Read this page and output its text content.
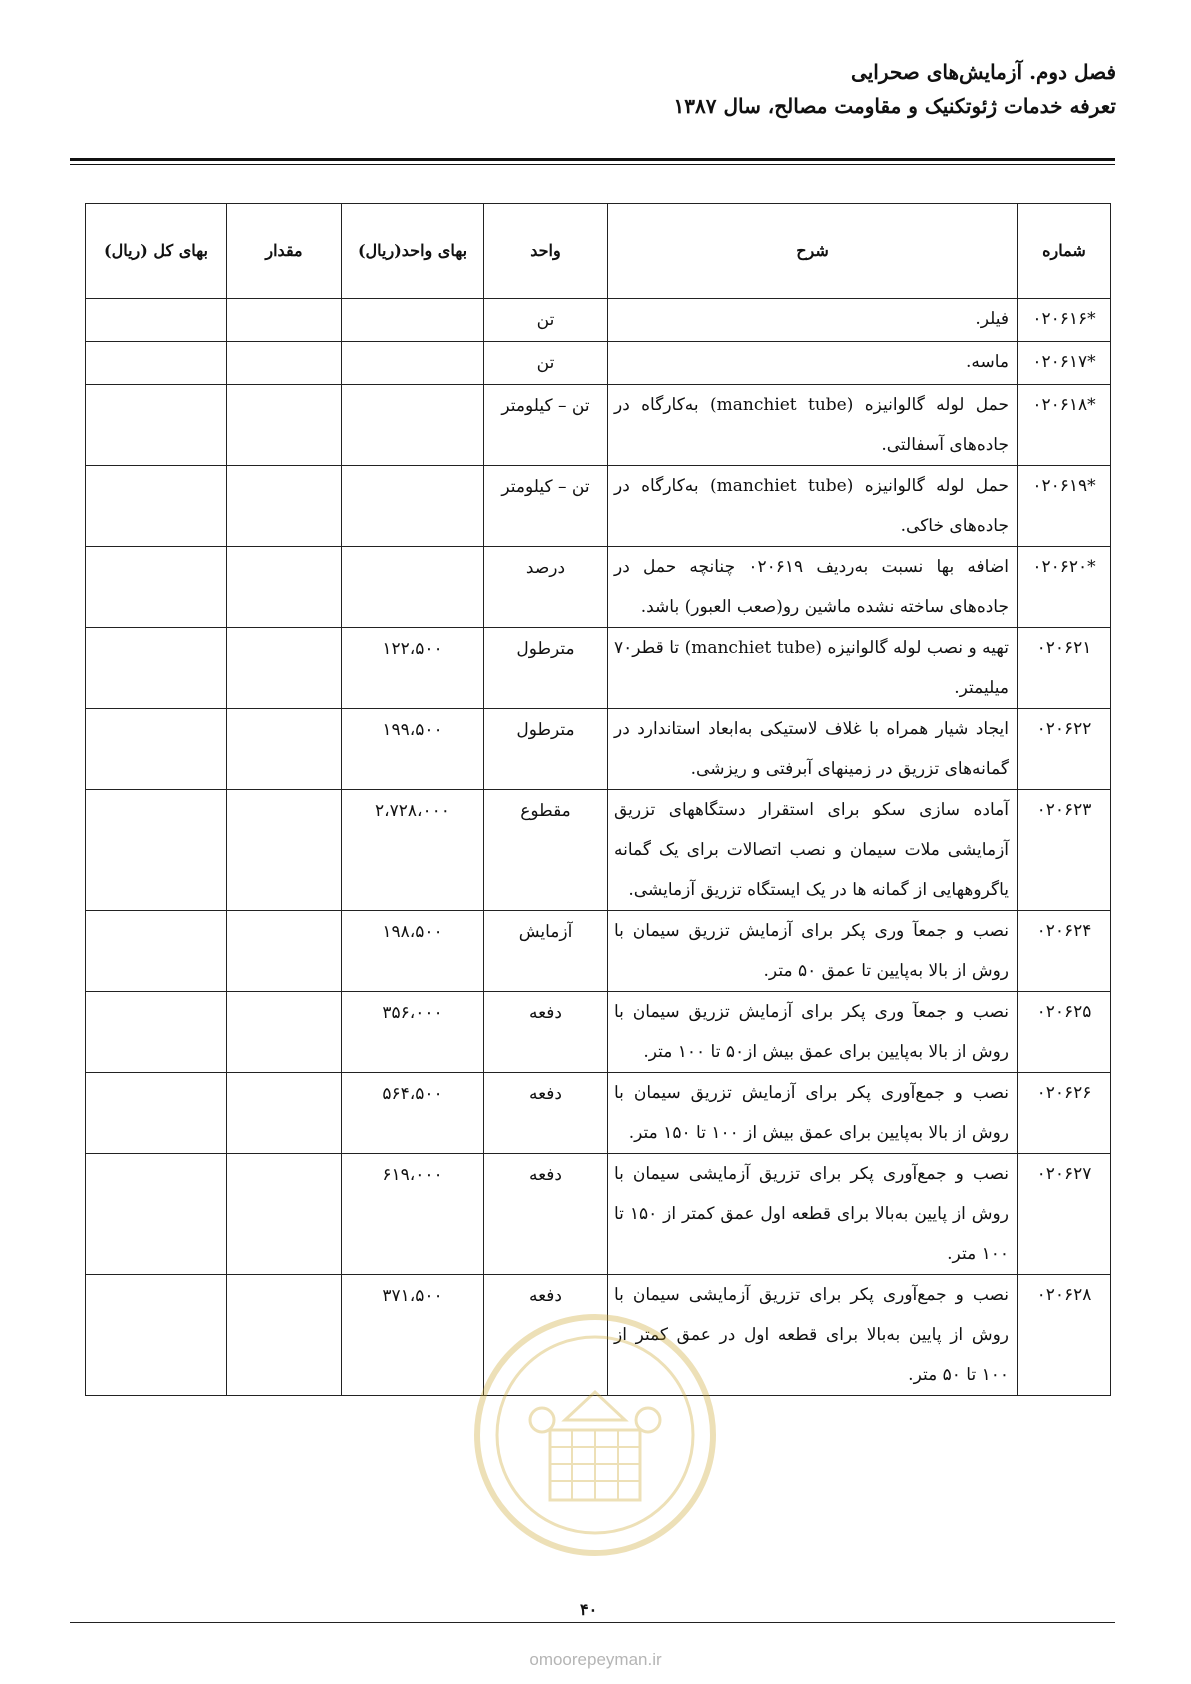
فصل دوم. آزمایش‌های صحرایی
تعرفه خدمات ژئوتکنیک و مقاومت مصالح، سال ۱۳۸۷
شماره	شرح	واحد	بهای واحد(ریال)	مقدار	بهای کل (ریال)
*۰۲۰۶۱۶	فیلر.	تن			
*۰۲۰۶۱۷	ماسه.	تن			
*۰۲۰۶۱۸	حمل لوله گالوانیزه (manchiet tube) به‌کارگاه در جاده‌های آسفالتی.	تن – کیلومتر			
*۰۲۰۶۱۹	حمل لوله گالوانیزه (manchiet tube) به‌کارگاه در جاده‌های خاکی.	تن – کیلومتر			
*۰۲۰۶۲۰	اضافه بها نسبت به‌ردیف ۰۲۰۶۱۹ چنانچه حمل در جاده‌های ساخته نشده ماشین رو(صعب العبور) باشد.	درصد			
۰۲۰۶۲۱	تهیه و نصب لوله گالوانیزه (manchiet tube) تا قطر۷۰ میلیمتر.	مترطول	۱۲۲،۵۰۰		
۰۲۰۶۲۲	ایجاد شیار همراه با غلاف لاستیکی به‌ابعاد استاندارد در گمانه‌های تزریق در زمینهای آبرفتی و ریزشی.	مترطول	۱۹۹،۵۰۰		
۰۲۰۶۲۳	آماده سازی سکو برای استقرار دستگاههای تزریق آزمایشی ملات سیمان و نصب اتصالات برای یک گمانه یاگروههایی از گمانه ها در یک ایستگاه تزریق آزمایشی.	مقطوع	۲،۷۲۸،۰۰۰		
۰۲۰۶۲۴	نصب و جمعآ وری پکر برای آزمایش تزریق سیمان با روش از بالا به‌پایین تا عمق ۵۰ متر.	آزمایش	۱۹۸،۵۰۰		
۰۲۰۶۲۵	نصب و جمعآ وری پکر برای آزمایش تزریق سیمان با روش از بالا به‌پایین برای عمق بیش از۵۰ تا ۱۰۰ متر.	دفعه	۳۵۶،۰۰۰		
۰۲۰۶۲۶	نصب و جمع‌آوری پکر برای آزمایش تزریق سیمان با روش از بالا به‌پایین برای عمق بیش از ۱۰۰ تا ۱۵۰ متر.	دفعه	۵۶۴،۵۰۰		
۰۲۰۶۲۷	نصب و جمع‌آوری پکر برای تزریق آزمایشی سیمان با روش از پایین به‌بالا برای قطعه اول عمق کمتر از ۱۵۰ تا ۱۰۰ متر.	دفعه	۶۱۹،۰۰۰		
۰۲۰۶۲۸	نصب و جمع‌آوری پکر برای تزریق آزمایشی سیمان با روش از پایین به‌بالا برای قطعه اول در عمق کمتر از ۱۰۰ تا ۵۰ متر.	دفعه	۳۷۱،۵۰۰		
۴۰
omoorepeyman.ir
